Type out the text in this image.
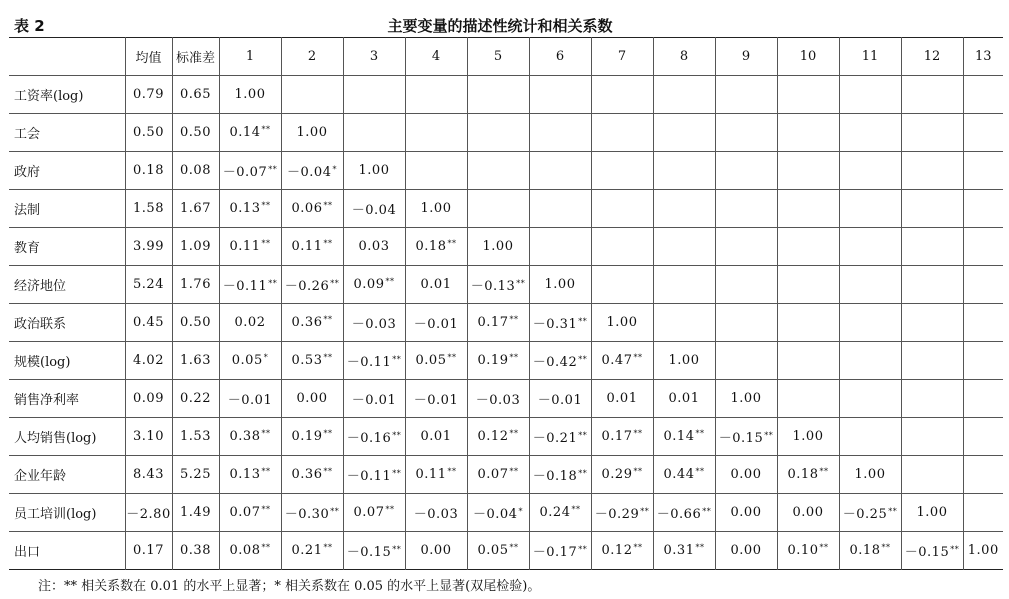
表 2	主要变量的描述性统计和相关系数
	均值	标准差	1	2	3	4	5	6	7	8	9	10	11	12	13
工资率(log)	0.79	0.65	1.00												
工会	0.50	0.50	0.14**	1.00											
政府	0.18	0.08	－0.07**	－0.04*	1.00										
法制	1.58	1.67	0.13**	0.06**	－0.04	1.00									
教育	3.99	1.09	0.11**	0.11**	0.03	0.18**	1.00								
经济地位	5.24	1.76	－0.11**	－0.26**	0.09**	0.01	－0.13**	1.00							
政治联系	0.45	0.50	0.02	0.36**	－0.03	－0.01	0.17**	－0.31**	1.00						
规模(log)	4.02	1.63	0.05*	0.53**	－0.11**	0.05**	0.19**	－0.42**	0.47**	1.00					
销售净利率	0.09	0.22	－0.01	0.00	－0.01	－0.01	－0.03	－0.01	0.01	0.01	1.00				
人均销售(log)	3.10	1.53	0.38**	0.19**	－0.16**	0.01	0.12**	－0.21**	0.17**	0.14**	－0.15**	1.00			
企业年龄	8.43	5.25	0.13**	0.36**	－0.11**	0.11**	0.07**	－0.18**	0.29**	0.44**	0.00	0.18**	1.00		
员工培训(log)	－2.80	1.49	0.07**	－0.30**	0.07**	－0.03	－0.04*	0.24**	－0.29**	－0.66**	0.00	0.00	－0.25**	1.00	
出口	0.17	0.38	0.08**	0.21**	－0.15**	0.00	0.05**	－0.17**	0.12**	0.31**	0.00	0.10**	0.18**	－0.15**	1.00
注：** 相关系数在 0.01 的水平上显著；* 相关系数在 0.05 的水平上显著(双尾检验)。
